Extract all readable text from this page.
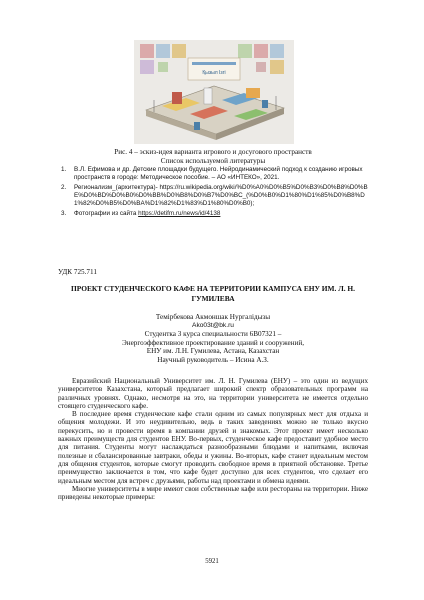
Қызыл Ізгі
Рис. 4 – эскиз-идея варианта игрового и досугового пространств
Список используемой литературы
1. В.Л. Ефимова и др. Детские площадки будущего. Нейродинамический подход к созданию игровых пространств в городе: Методическое пособие. – АО «ИНТЕКО», 2021.
2. Регионализм_(архитектура)- https://ru.wikipedia.org/wiki/%D0%A0%D0%B5%D0%B3%D0%B8%D0%BE%D0%BD%D0%B0%D0%BB%D0%B8%D0%B7%D0%BC_(%D0%B0%D1%80%D1%85%D0%B8%D1%82%D0%B5%D0%BA%D1%82%D1%83%D1%80%D0%B0);
3. Фотографии из сайта https://detifm.ru/news/id/4138
УДК 725.711
ПРОЕКТ СТУДЕНЧЕСКОГО КАФЕ НА ТЕРРИТОРИИ КАМПУСА ЕНУ ИМ. Л. Н. ГУМИЛЕВА
Темірбекова Акмоншак Нургалідызы
Ako03t@bk.ru
Студентка 3 курса специальности 6В07321 –
Энергоэффективное проектирование зданий и сооружений,
ЕНУ им. Л.Н. Гумилева, Астана, Казахстан
Научный руководитель – Исина А.З.

Евразийский Национальный Университет им. Л. Н. Гумилева (ЕНУ) – это один из ведущих университетов Казахстана, который предлагает широкий спектр образовательных программ на различных уровнях. Однако, несмотря на это, на территории университета не имеется отдельно стоящего студенческого кафе.

В последнее время студенческие кафе стали одним из самых популярных мест для отдыха и общения молодежи. И это неудивительно, ведь в таких заведениях можно не только вкусно перекусить, но и провести время в компании друзей и знакомых. Этот проект имеет несколько важных преимуществ для студентов ЕНУ. Во-первых, студенческое кафе предоставит удобное место для питания. Студенты могут наслаждаться разнообразными блюдами и напитками, включая полезные и сбалансированные завтраки, обеды и ужины. Во-вторых, кафе станет идеальным местом для общения студентов, которые смогут проводить свободное время в приятной обстановке. Третье преимущество заключается в том, что кафе будет доступно для всех студентов, что сделает его идеальным местом для встреч с друзьями, работы над проектами и обмена идеями.

Многие университеты в мире имеют свои собственные кафе или рестораны на территории. Ниже приведены некоторые примеры:

5921
